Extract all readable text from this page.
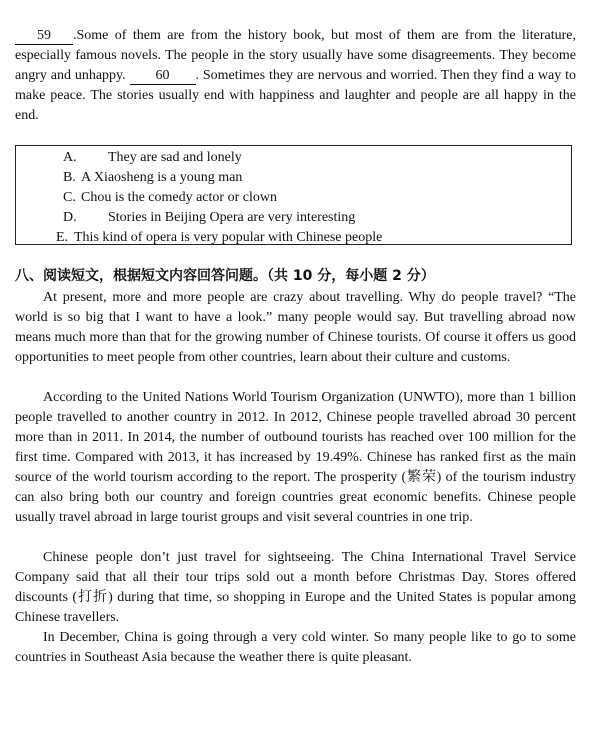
59 .Some of them are from the history book, but most of them are from the literature, especially famous novels. The people in the story usually have some disagreements. They become angry and unhappy. 60 . Sometimes they are nervous and worried. Then they find a way to make peace. The stories usually end with happiness and laughter and people are all happy in the end.

A. They are sad and lonely
B. A Xiaosheng is a young man
C. Chou is the comedy actor or clown
D. Stories in Beijing Opera are very interesting
E. This kind of opera is very popular with Chinese people
八、阅读短文，根据短文内容回答问题。（共 10 分，每小题 2 分）

At present, more and more people are crazy about travelling. Why do people travel? “The world is so big that I want to have a look.” many people would say. But travelling abroad now means much more than that for the growing number of Chinese tourists. Of course it offers us good opportunities to meet people from other countries, learn about their culture and customs.

According to the United Nations World Tourism Organization (UNWTO), more than 1 billion people travelled to another country in 2012. In 2012, Chinese people travelled abroad 30 percent more than in 2011. In 2014, the number of outbound tourists has reached over 100 million for the first time. Compared with 2013, it has increased by 19.49%. Chinese has ranked first as the main source of the world tourism according to the report. The prosperity (繁荣) of the tourism industry can also bring both our country and foreign countries great economic benefits. Chinese people usually travel abroad in large tourist groups and visit several countries in one trip.

Chinese people don’t just travel for sightseeing. The China International Travel Service Company said that all their tour trips sold out a month before Christmas Day. Stores offered discounts (打折) during that time, so shopping in Europe and the United States is popular among Chinese travellers.

In December, China is going through a very cold winter. So many people like to go to some countries in Southeast Asia because the weather there is quite pleasant.
